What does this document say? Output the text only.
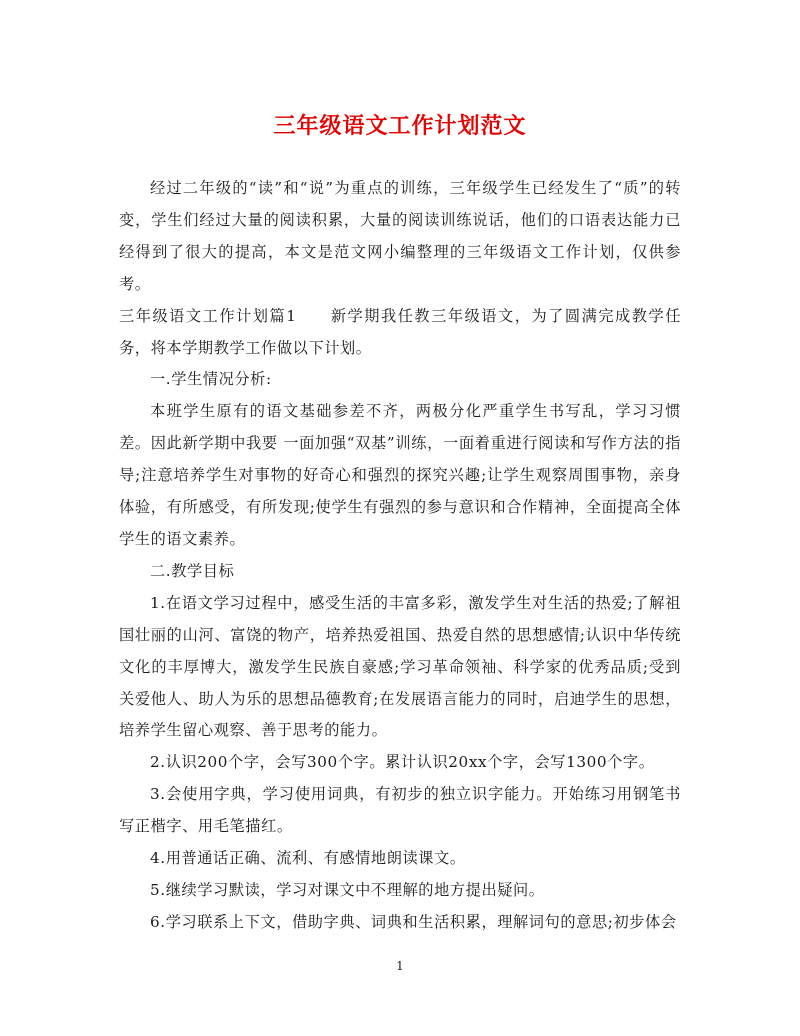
三年级语文工作计划范文

经过二年级的“读”和“说”为重点的训练，三年级学生已经发生了“质”的转变，学生们经过大量的阅读积累，大量的阅读训练说话，他们的口语表达能力已经得到了很大的提高，本文是范文网小编整理的三年级语文工作计划，仅供参考。

三年级语文工作计划篇1　　新学期我任教三年级语文，为了圆满完成教学任务，将本学期教学工作做以下计划。

一.学生情况分析:

本班学生原有的语文基础参差不齐，两极分化严重学生书写乱，学习习惯差。因此新学期中我要 一面加强“双基”训练，一面着重进行阅读和写作方法的指导;注意培养学生对事物的好奇心和强烈的探究兴趣;让学生观察周围事物，亲身体验，有所感受，有所发现;使学生有强烈的参与意识和合作精神，全面提高全体学生的语文素养。

二.教学目标

1.在语文学习过程中，感受生活的丰富多彩，激发学生对生活的热爱;了解祖国壮丽的山河、富饶的物产，培养热爱祖国、热爱自然的思想感情;认识中华传统文化的丰厚博大，激发学生民族自豪感;学习革命领袖、科学家的优秀品质;受到关爱他人、助人为乐的思想品德教育;在发展语言能力的同时，启迪学生的思想，培养学生留心观察、善于思考的能力。

2.认识200个字，会写300个字。累计认识20xx个字，会写1300个字。

3.会使用字典，学习使用词典，有初步的独立识字能力。开始练习用钢笔书写正楷字、用毛笔描红。

4.用普通话正确、流利、有感情地朗读课文。

5.继续学习默读，学习对课文中不理解的地方提出疑问。

6.学习联系上下文，借助字典、词典和生活积累，理解词句的意思;初步体会

1
